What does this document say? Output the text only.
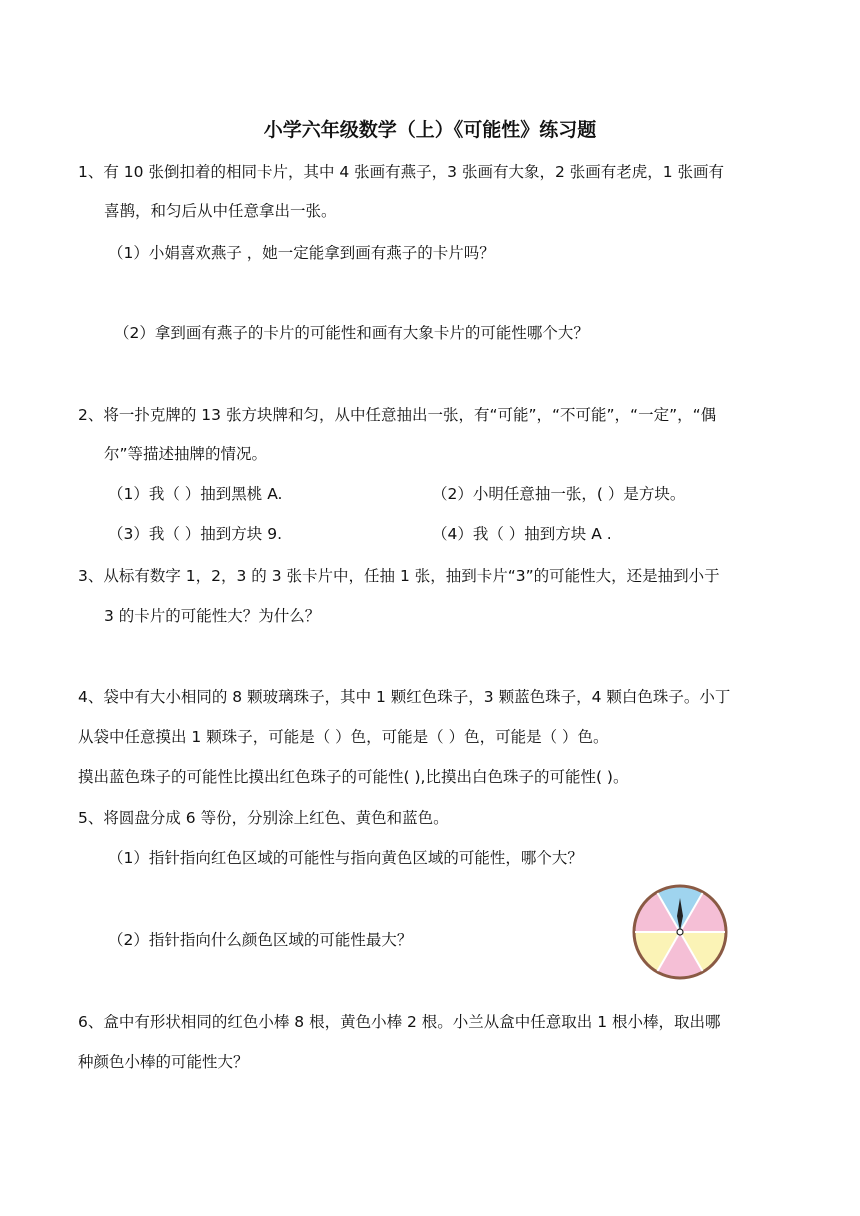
小学六年级数学（上）《可能性》练习题
1、有 10 张倒扣着的相同卡片，其中 4 张画有燕子，3 张画有大象，2 张画有老虎，1 张画有
喜鹊，和匀后从中任意拿出一张。
（1）小娟喜欢燕子 ，她一定能拿到画有燕子的卡片吗？
（2）拿到画有燕子的卡片的可能性和画有大象卡片的可能性哪个大？
2、将一扑克牌的 13 张方块牌和匀，从中任意抽出一张，有“可能”，“不可能”，“一定”，“偶
尔”等描述抽牌的情况。
（1）我（ ）抽到黑桃 A.	（2）小明任意抽一张，( ）是方块。
（3）我（ ）抽到方块 9.	（4）我（ ）抽到方块 A .
3、从标有数字 1，2，3 的 3 张卡片中，任抽 1 张，抽到卡片“3”的可能性大，还是抽到小于
3 的卡片的可能性大？为什么？
4、袋中有大小相同的 8 颗玻璃珠子，其中 1 颗红色珠子，3 颗蓝色珠子，4 颗白色珠子。小丁
从袋中任意摸出 1 颗珠子，可能是（ ）色，可能是（ ）色，可能是（ ）色。
摸出蓝色珠子的可能性比摸出红色珠子的可能性( ),比摸出白色珠子的可能性( )。
5、将圆盘分成 6 等份，分别涂上红色、黄色和蓝色。
（1）指针指向红色区域的可能性与指向黄色区域的可能性，哪个大？
（2）指针指向什么颜色区域的可能性最大？
6、盒中有形状相同的红色小棒 8 根，黄色小棒 2 根。小兰从盒中任意取出 1 根小棒，取出哪
种颜色小棒的可能性大？
